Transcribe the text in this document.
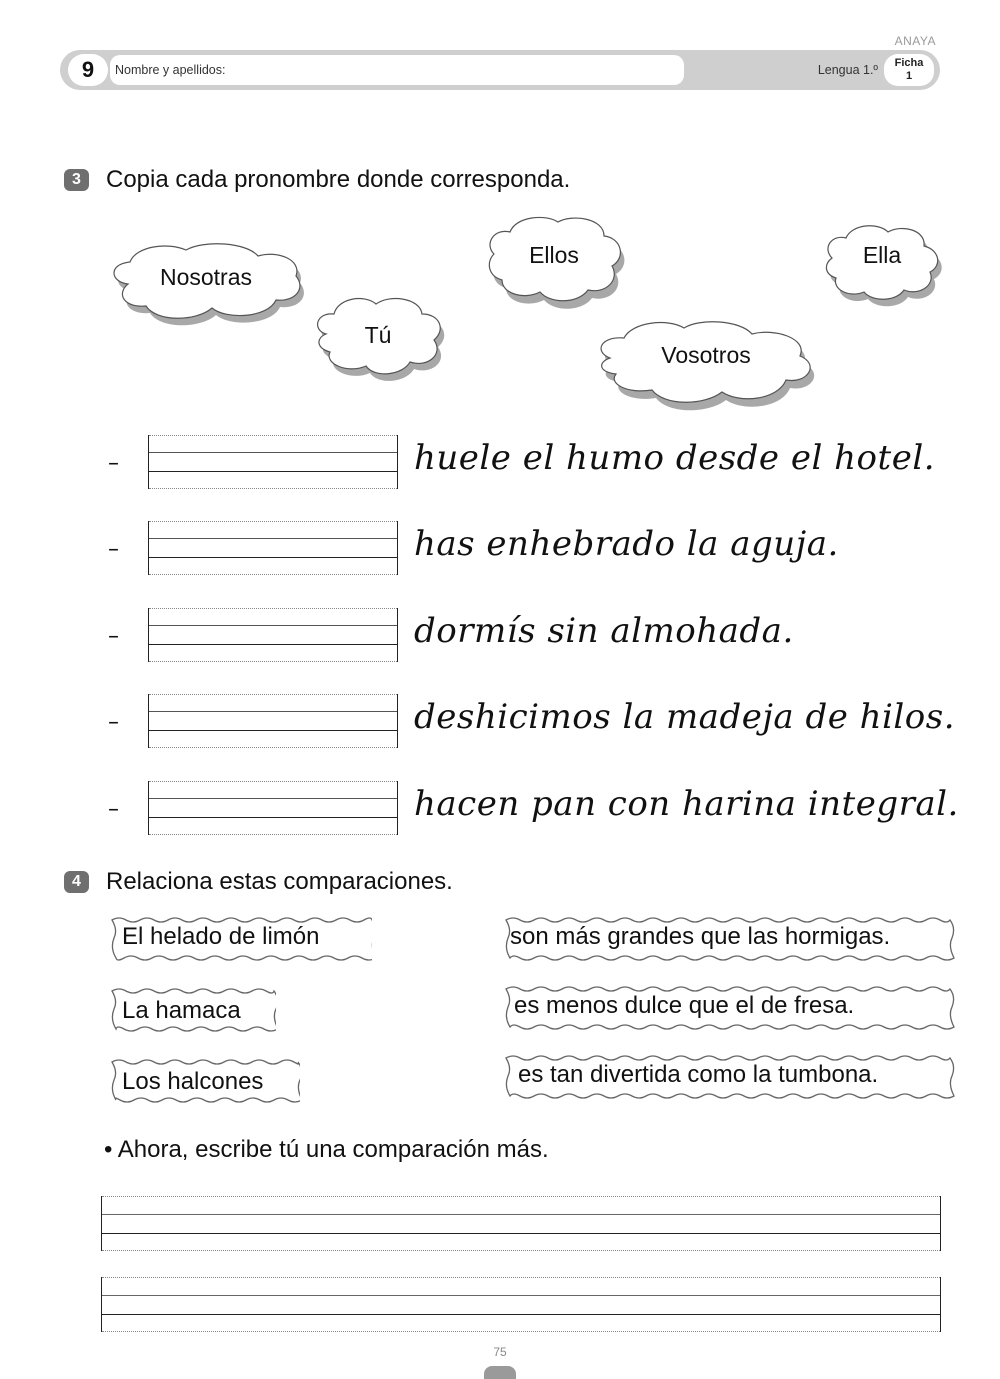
ANAYA
9	Nombre y apellidos:	Lengua 1.º	Ficha
1
3	Copia cada pronombre donde corresponda.
Nosotras
Tú
Ellos
Vosotros
Ella
–	huele el humo desde el hotel.
–	has enhebrado la aguja.
–	dormís sin almohada.
–	deshicimos la madeja de hilos.
–	hacen pan con harina integral.
4	Relaciona estas comparaciones.
El helado de limón
La hamaca
Los halcones
son más grandes que las hormigas.
es menos dulce que el de fresa.
es tan divertida como la tumbona.
• Ahora, escribe tú una comparación más.
75
